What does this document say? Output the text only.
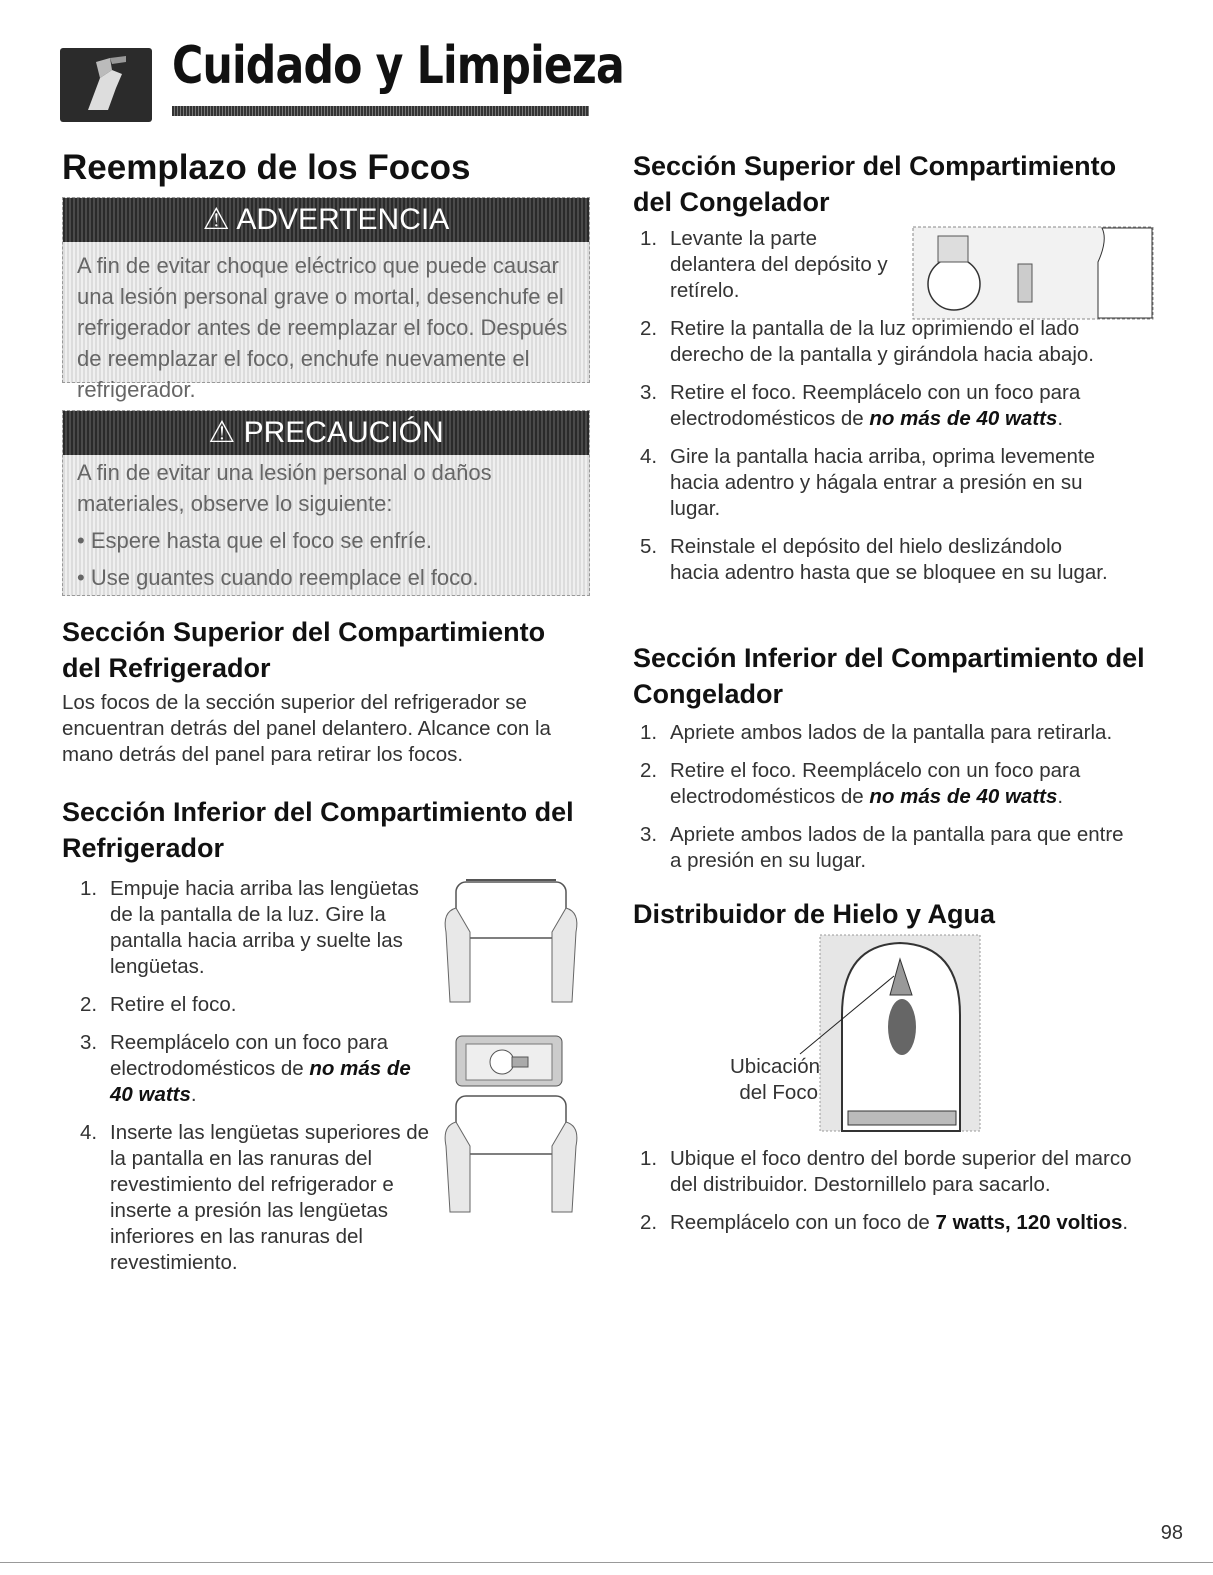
Cuidado y Limpieza
Reemplazo de los Focos
⚠ ADVERTENCIA

A fin de evitar choque eléctrico que puede causar una lesión personal grave o mortal, desenchufe el refrigerador antes de reemplazar el foco. Después de reemplazar el foco, enchufe nuevamente el refrigerador.

⚠ PRECAUCIÓN

A fin de evitar una lesión personal o daños materiales, observe lo siguiente:

• Espere hasta que el foco se enfríe.

• Use guantes cuando reemplace el foco.

Sección Superior del Compartimiento del Refrigerador
Los focos de la sección superior del refrigerador se encuentran detrás del panel delantero. Alcance con la mano detrás del panel para retirar los focos.
Sección Inferior del Compartimiento del Refrigerador
1. Empuje hacia arriba las lengüetas de la pantalla de la luz. Gire la pantalla hacia arriba y suelte las lengüetas.
2. Retire el foco.
3. Reemplácelo con un foco para electrodomésticos de no más de 40 watts.
4. Inserte las lengüetas superiores de la pantalla en las ranuras del revestimiento del refrigerador e inserte a presión las lengüetas inferiores en las ranuras del revestimiento.
Sección Superior del Compartimiento del Congelador
1. Levante la parte delantera del depósito y retírelo.
2. Retire la pantalla de la luz oprimiendo el lado derecho de la pantalla y girándola hacia abajo.
3. Retire el foco. Reemplácelo con un foco para electrodomésticos de no más de 40 watts.
4. Gire la pantalla hacia arriba, oprima levemente hacia adentro y hágala entrar a presión en su lugar.
5. Reinstale el depósito del hielo deslizándolo hacia adentro hasta que se bloquee en su lugar.
Sección Inferior del Compartimiento del Congelador
1. Apriete ambos lados de la pantalla para retirarla.
2. Retire el foco. Reemplácelo con un foco para electrodomésticos de no más de 40 watts.
3. Apriete ambos lados de la pantalla para que entre a presión en su lugar.
Distribuidor de Hielo y Agua
Ubicación
del Foco
1. Ubique el foco dentro del borde superior del marco del distribuidor. Destornillelo para sacarlo.
2. Reemplácelo con un foco de 7 watts, 120 voltios.
98
